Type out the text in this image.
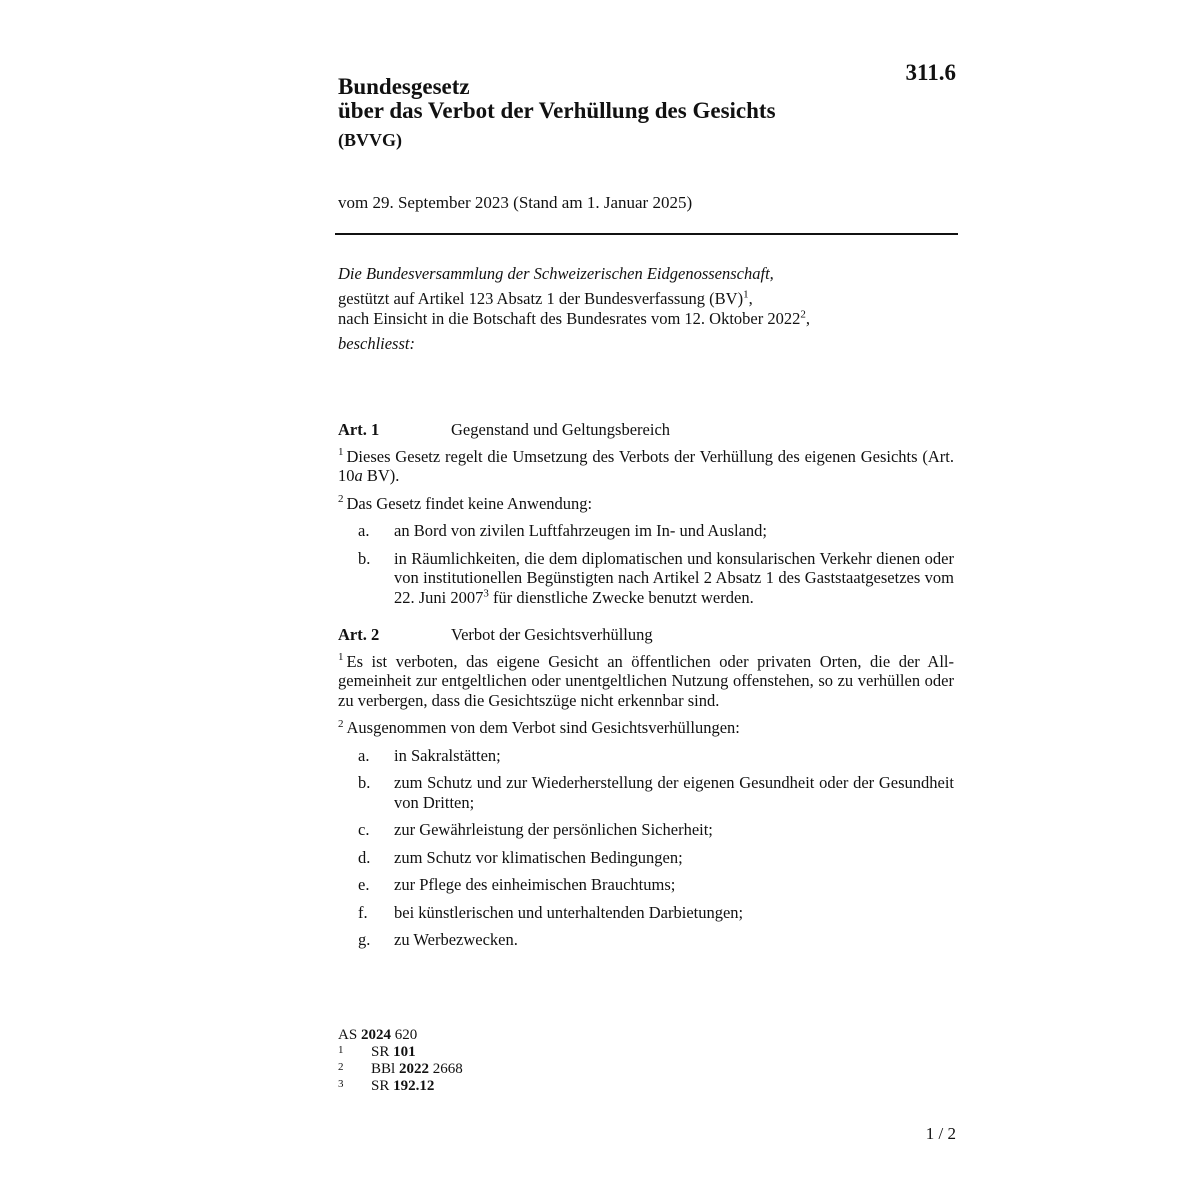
311.6
Bundesgesetz
über das Verbot der Verhüllung des Gesichts
(BVVG)
vom 29. September 2023 (Stand am 1. Januar 2025)
Die Bundesversammlung der Schweizerischen Eidgenossenschaft,
gestützt auf Artikel 123 Absatz 1 der Bundesverfassung (BV)$^1$,
nach Einsicht in die Botschaft des Bundesrates vom 12. Oktober 2022$^2$,
beschliesst:
Art. 1	Gegenstand und Geltungsbereich
$^1$ Dieses Gesetz regelt die Umsetzung des Verbots der Verhüllung des eigenen Gesichts (Art. 10a BV).
$^2$ Das Gesetz findet keine Anwendung:
a.	an Bord von zivilen Luftfahrzeugen im In- und Ausland;
b.	in Räumlichkeiten, die dem diplomatischen und konsularischen Verkehr dienen oder von institutionellen Begünstigten nach Artikel 2 Absatz 1 des Gaststaatgesetzes vom 22. Juni 2007$^3$ für dienstliche Zwecke benutzt werden.
Art. 2	Verbot der Gesichtsverhüllung
$^1$ Es ist verboten, das eigene Gesicht an öffentlichen oder privaten Orten, die der Allgemeinheit zur entgeltlichen oder unentgeltlichen Nutzung offenstehen, so zu verhüllen oder zu verbergen, dass die Gesichtszüge nicht erkennbar sind.
$^2$ Ausgenommen von dem Verbot sind Gesichtsverhüllungen:
a.	in Sakralstätten;
b.	zum Schutz und zur Wiederherstellung der eigenen Gesundheit oder der Gesundheit von Dritten;
c.	zur Gewährleistung der persönlichen Sicherheit;
d.	zum Schutz vor klimatischen Bedingungen;
e.	zur Pflege des einheimischen Brauchtums;
f.	bei künstlerischen und unterhaltenden Darbietungen;
g.	zu Werbezwecken.
AS 2024 620
1	SR 101
2	BBl 2022 2668
3	SR 192.12
1 / 2
